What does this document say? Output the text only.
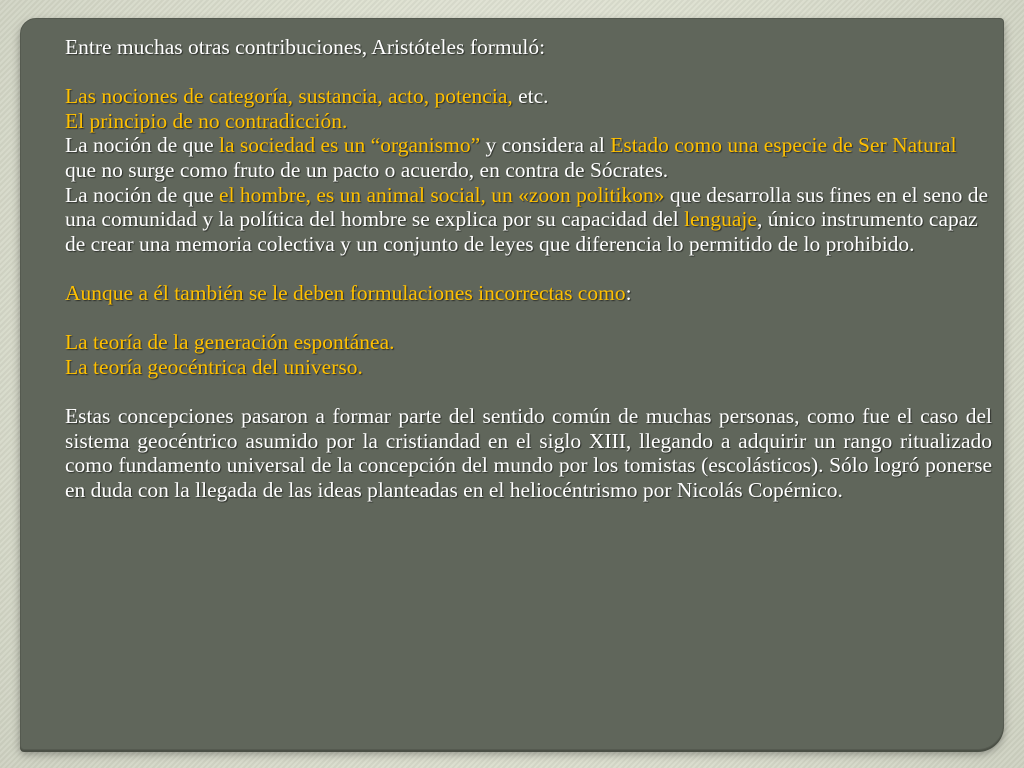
Entre muchas otras contribuciones, Aristóteles formuló:

Las nociones de categoría, sustancia, acto, potencia, etc.

El principio de no contradicción.

La noción de que la sociedad es un “organismo” y considera al Estado como una especie de Ser Natural que no surge como fruto de un pacto o acuerdo, en contra de Sócrates.

La noción de que el hombre, es un animal social, un «zoon politikon» que desarrolla sus fines en el seno de una comunidad y la política del hombre se explica por su capacidad del lenguaje, único instrumento capaz de crear una memoria colectiva y un conjunto de leyes que diferencia lo permitido de lo prohibido.

Aunque a él también se le deben formulaciones incorrectas como:

La teoría de la generación espontánea.

La teoría geocéntrica del universo.

Estas concepciones pasaron a formar parte del sentido común de muchas personas, como fue el caso del sistema geocéntrico asumido por la cristiandad en el siglo XIII, llegando a adquirir un rango ritualizado como fundamento universal de la concepción del mundo por los tomistas (escolásticos). Sólo logró ponerse en duda con la llegada de las ideas planteadas en el heliocéntrismo por Nicolás Copérnico.
